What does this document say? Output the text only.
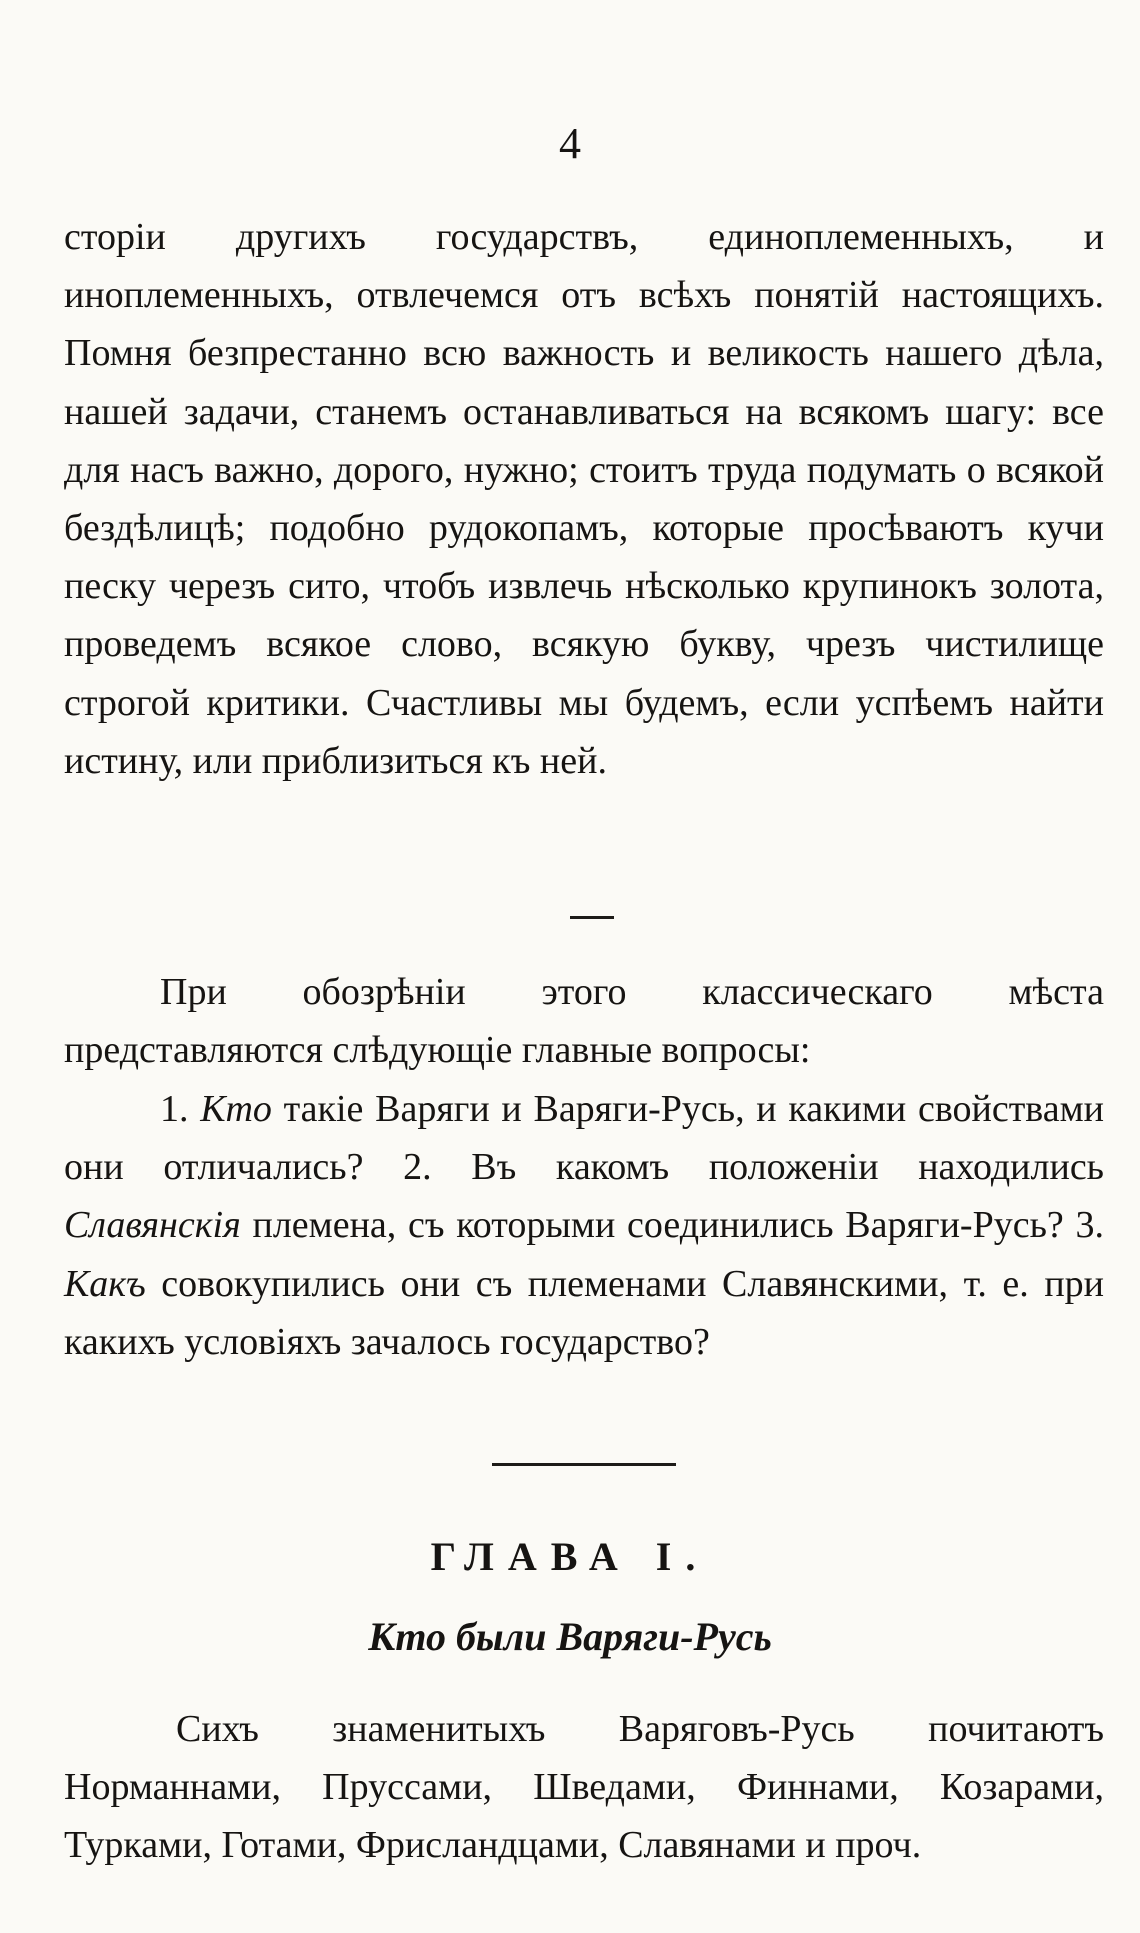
4

сторіи другихъ государствъ, единоплеменныхъ, и иноплеменныхъ, отвлечемся отъ всѣхъ понятій настоящихъ. Помня безпрестанно всю важность и великость нашего дѣла, нашей задачи, станемъ останавливаться на всякомъ шагу: все для насъ важно, дорого, нужно; стоитъ труда подумать о всякой бездѣлицѣ; подобно рудокопамъ, которые просѣваютъ кучи песку черезъ сито, чтобъ извлечь нѣсколько крупинокъ золота, проведемъ всякое слово, всякую букву, чрезъ чистилище строгой критики. Счастливы мы будемъ, если успѣемъ найти истину, или приблизиться къ ней.

При обозрѣніи этого классическаго мѣста представляются слѣдующіе главные вопросы:

1. Кто такіе Варяги и Варяги-Русь, и какими свойствами они отличались? 2. Въ какомъ положеніи находились Славянскія племена, съ которыми соединились Варяги-Русь? 3. Какъ совокупились они съ племенами Славянскими, т. е. при какихъ условіяхъ зачалось государство?

ГЛАВА I.
Кто были Варяги-Русь

Сихъ знаменитыхъ Варяговъ-Русь почитаютъ Норманнами, Пруссами, Шведами, Финнами, Козарами, Турками, Готами, Фрисландцами, Славянами и проч.
